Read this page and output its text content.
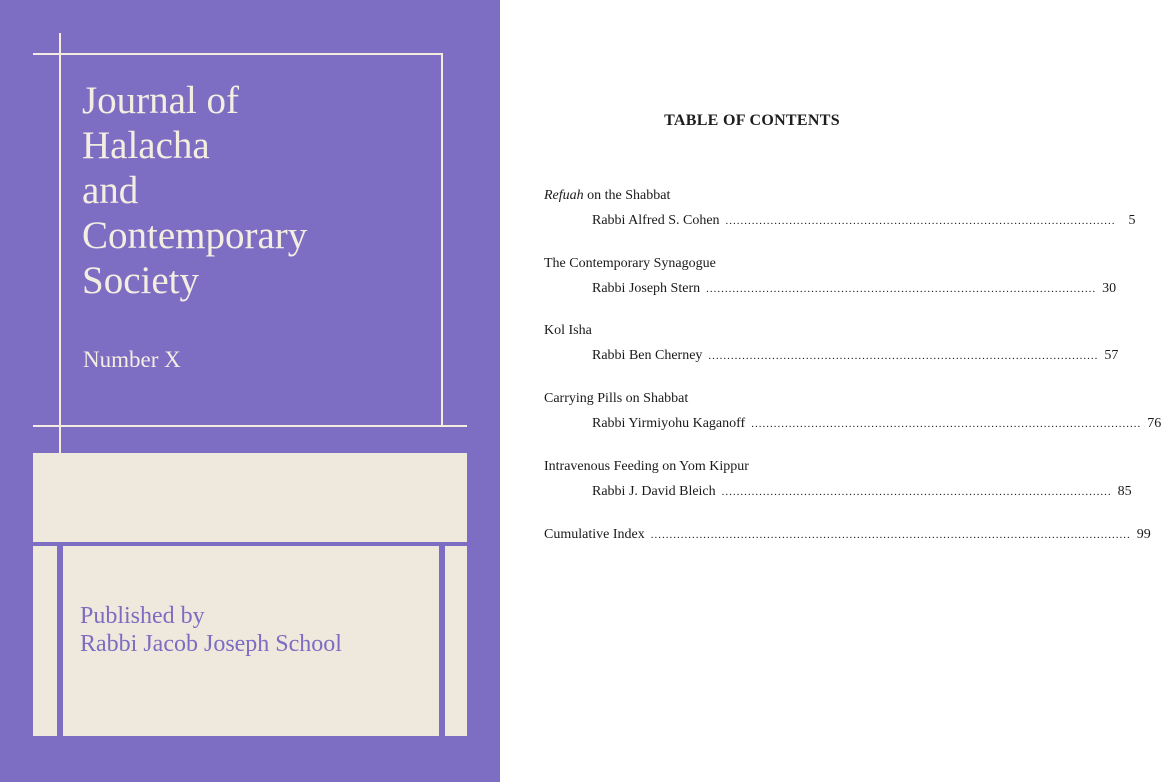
Journal of
Halacha
and
Contemporary
Society
Number X
Published by
Rabbi Jacob Joseph School
TABLE OF CONTENTS
Refuah on the Shabbat
Rabbi Alfred S. Cohen ........................................................................................................ 5
The Contemporary Synagogue
Rabbi Joseph Stern ........................................................................................................ 30
Kol Isha
Rabbi Ben Cherney ........................................................................................................ 57
Carrying Pills on Shabbat
Rabbi Yirmiyohu Kaganoff ........................................................................................................ 76
Intravenous Feeding on Yom Kippur
Rabbi J. David Bleich ........................................................................................................ 85
Cumulative Index ................................................................................................................................ 99
